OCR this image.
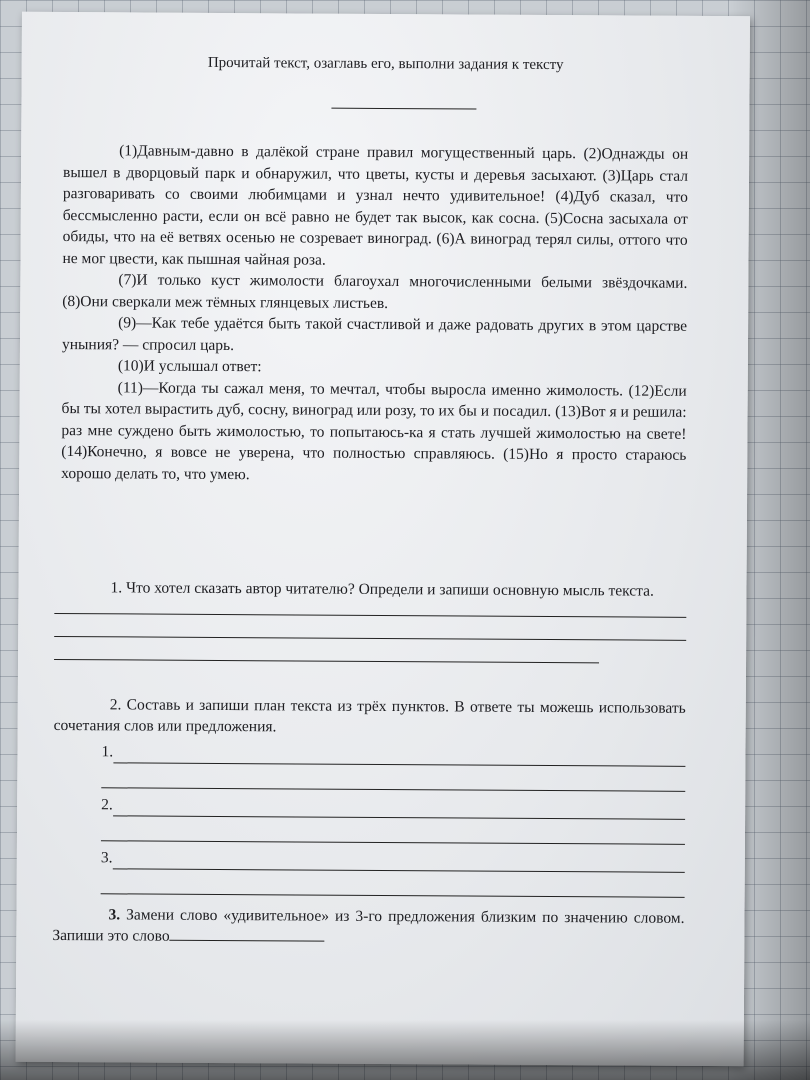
Прочитай текст, озаглавь его, выполни задания к тексту

(1)Давным-давно в далёкой стране правил могущественный царь. (2)Однажды он вышел в дворцовый парк и обнаружил, что цветы, кусты и деревья засыхают. (3)Царь стал разговаривать со своими любимцами и узнал нечто удивительное! (4)Дуб сказал, что бессмысленно расти, если он всё равно не будет так высок, как сосна. (5)Сосна засыхала от обиды, что на её ветвях осенью не созревает виноград. (6)А виноград терял силы, оттого что не мог цвести, как пышная чайная роза.

(7)И только куст жимолости благоухал многочисленными белыми звёздочками. (8)Они сверкали меж тёмных глянцевых листьев.

(9)—Как тебе удаётся быть такой счастливой и даже радовать других в этом царстве уныния? — спросил царь.

(10)И услышал ответ:

(11)—Когда ты сажал меня, то мечтал, чтобы выросла именно жимолость. (12)Если бы ты хотел вырастить дуб, сосну, виноград или розу, то их бы и посадил. (13)Вот я и решила: раз мне суждено быть жимолостью, то попытаюсь-ка я стать лучшей жимолостью на свете! (14)Конечно, я вовсе не уверена, что полностью справляюсь. (15)Но я просто стараюсь хорошо делать то, что умею.

1. Что хотел сказать автор читателю? Определи и запиши основную мысль текста.

2. Составь и запиши план текста из трёх пунктов. В ответе ты можешь использовать сочетания слов или предложения.

1.
2.
3.

3. Замени слово «удивительное» из 3-го предложения близким по значению словом. Запиши это слово
